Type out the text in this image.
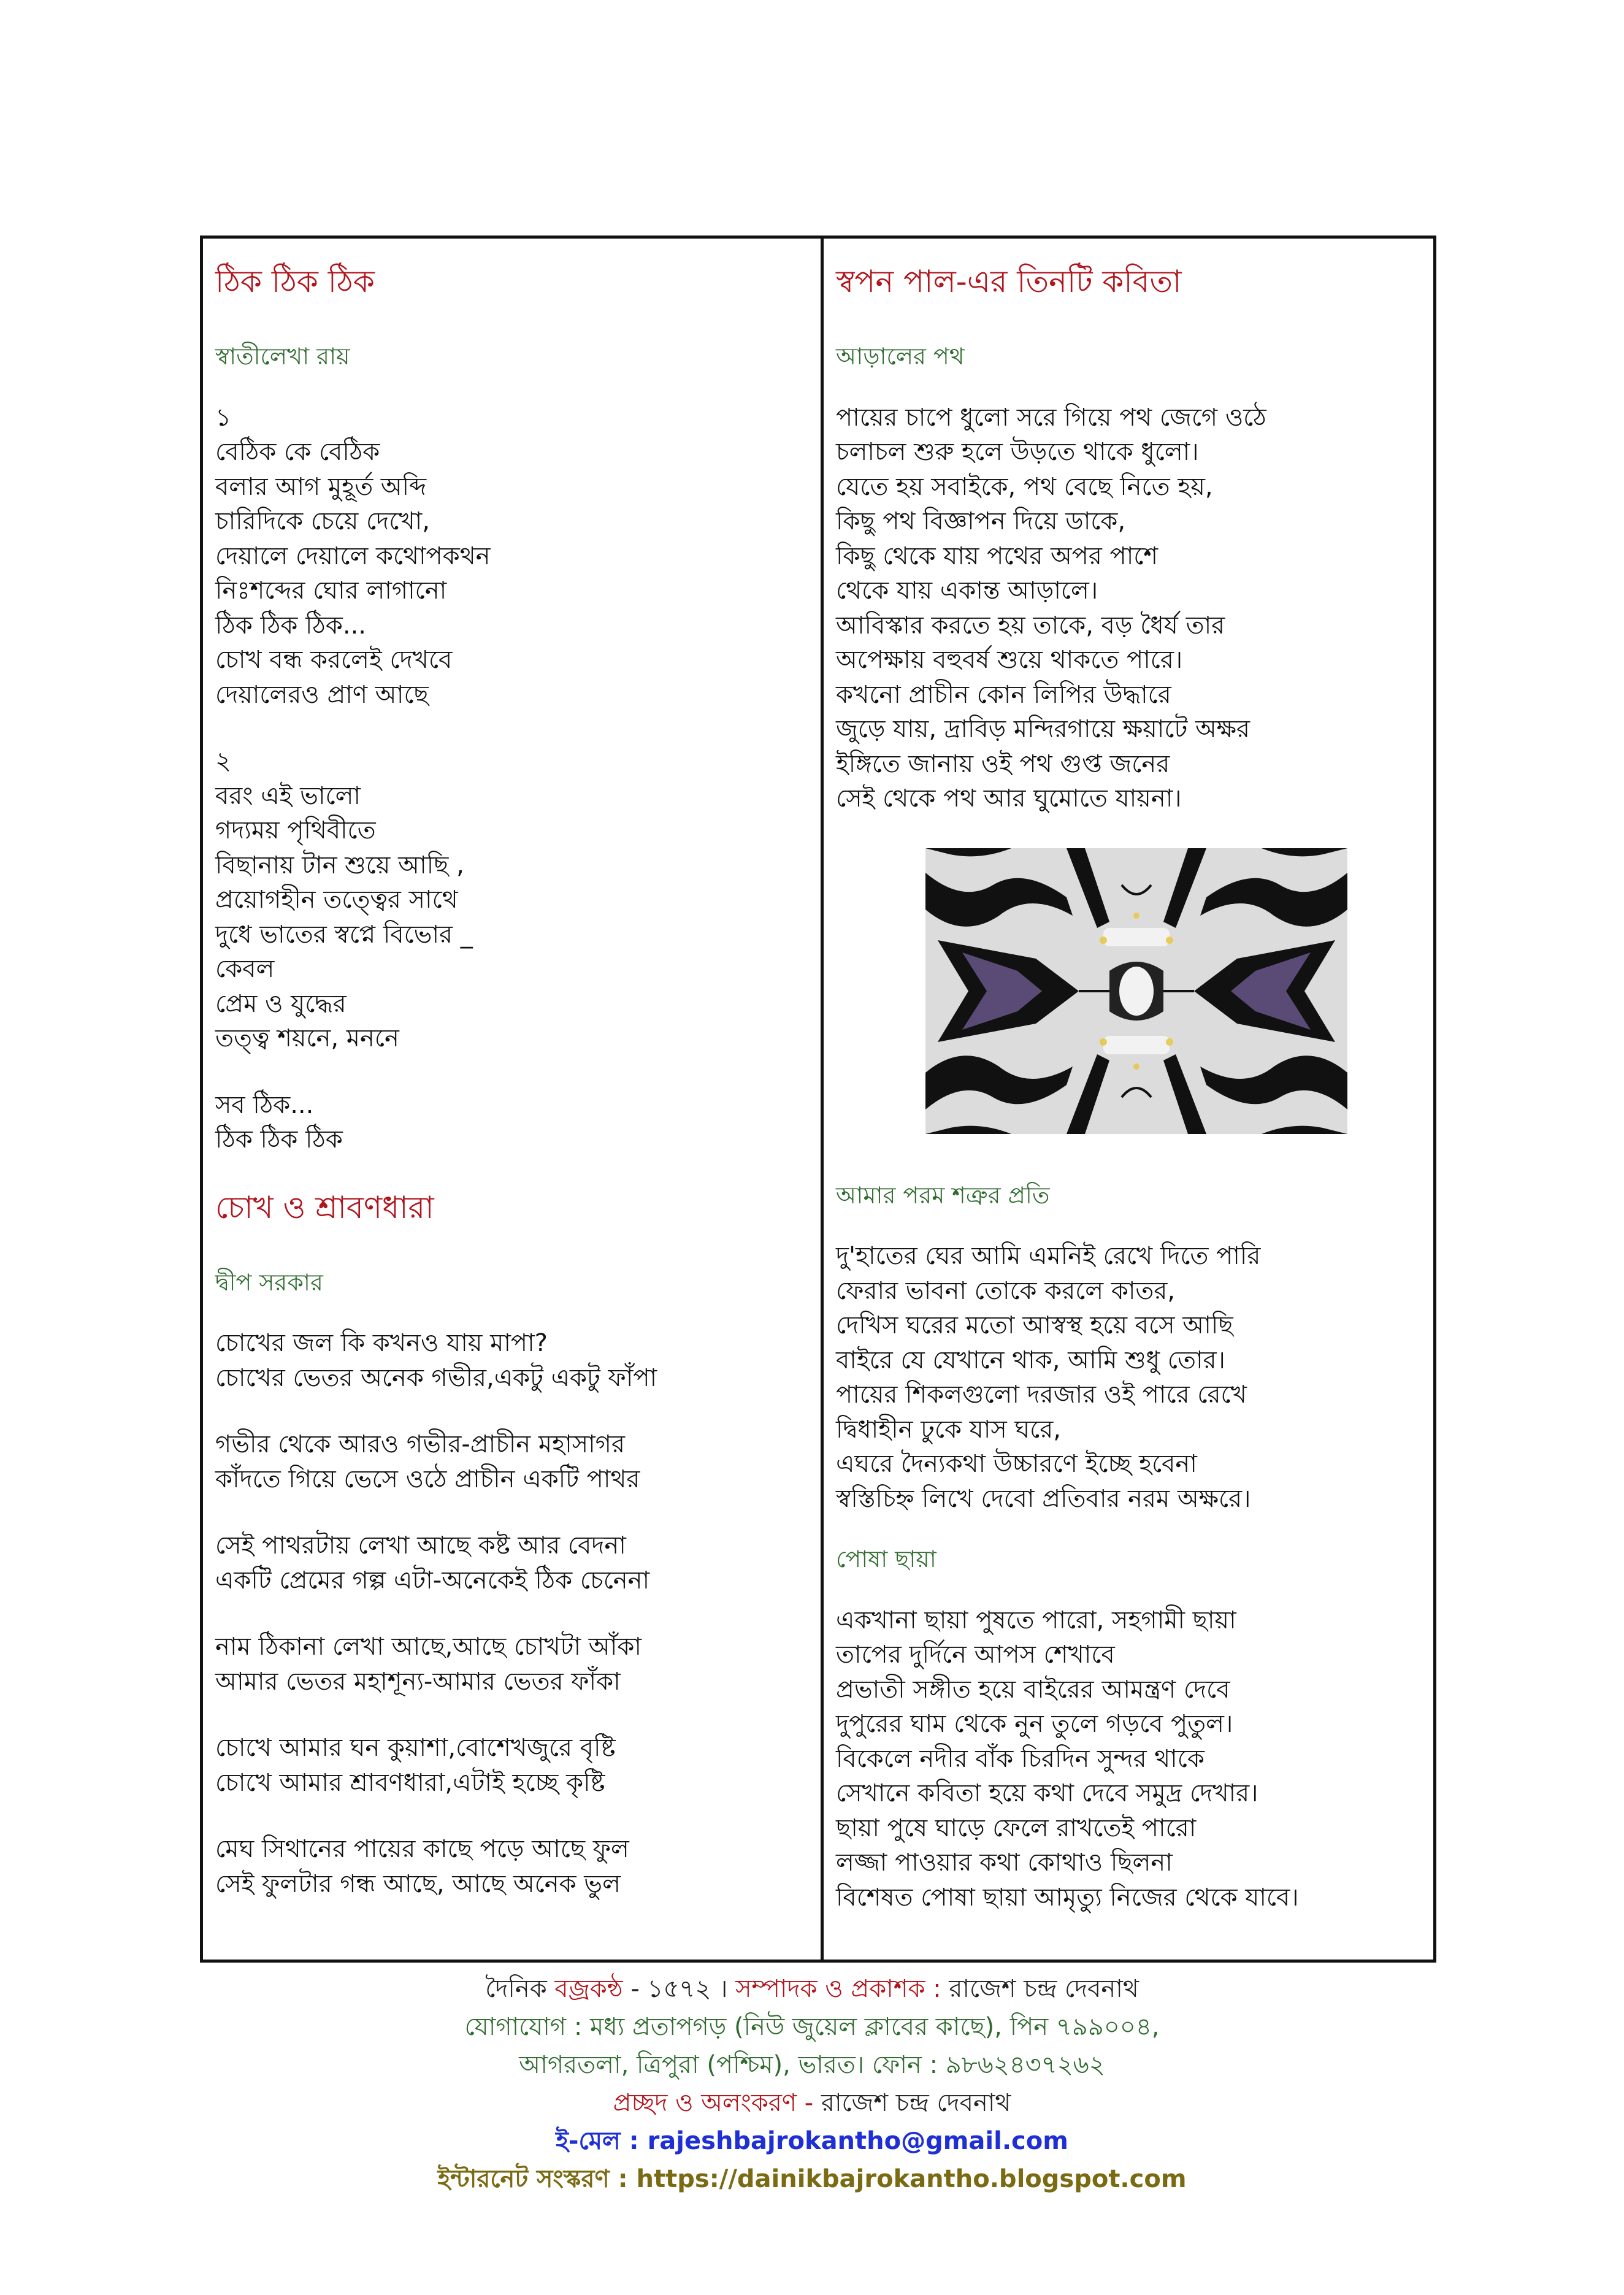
ঠিক ঠিক ঠিক
স্বাতীলেখা রায়
১
বেঠিক কে বেঠিক
বলার আগ মুহূর্ত অব্দি
চারিদিকে চেয়ে দেখো,
দেয়ালে দেয়ালে কথোপকথন
নিঃশব্দের ঘোর লাগানো
ঠিক ঠিক ঠিক...
চোখ বন্ধ করলেই দেখবে
দেয়ালেরও প্রাণ আছে
২
বরং এই ভালো
গদ্যময় পৃথিবীতে
বিছানায় টান শুয়ে আছি ,
প্রয়োগহীন তত্ত্বের সাথে
দুধে ভাতের স্বপ্নে বিভোর _
কেবল
প্রেম ও যুদ্ধের
তত্ত্ব শয়নে, মননে
সব ঠিক...
ঠিক ঠিক ঠিক
চোখ ও শ্রাবণধারা
দ্বীপ সরকার
চোখের জল কি কখনও যায় মাপা?
চোখের ভেতর অনেক গভীর,একটু একটু ফাঁপা
গভীর থেকে আরও গভীর-প্রাচীন মহাসাগর
কাঁদতে গিয়ে ভেসে ওঠে প্রাচীন একটি পাথর
সেই পাথরটায় লেখা আছে কষ্ট আর বেদনা
একটি প্রেমের গল্প এটা-অনেকেই ঠিক চেনেনা
নাম ঠিকানা লেখা আছে,আছে চোখটা আঁকা
আমার ভেতর মহাশূন্য-আমার ভেতর ফাঁকা
চোখে আমার ঘন কুয়াশা,বোশেখজুরে বৃষ্টি
চোখে আমার শ্রাবণধারা,এটাই হচ্ছে কৃষ্টি
মেঘ সিথানের পায়ের কাছে পড়ে আছে ফুল
সেই ফুলটার গন্ধ আছে, আছে অনেক ভুল
স্বপন পাল-এর তিনটি কবিতা
আড়ালের পথ
পায়ের চাপে ধুলো সরে গিয়ে পথ জেগে ওঠে
চলাচল শুরু হলে উড়তে থাকে ধুলো।
যেতে হয় সবাইকে, পথ বেছে নিতে হয়,
কিছু পথ বিজ্ঞাপন দিয়ে ডাকে,
কিছু থেকে যায় পথের অপর পাশে
থেকে যায় একান্ত আড়ালে।
আবিস্কার করতে হয় তাকে, বড় ধৈর্য তার
অপেক্ষায় বহুবর্ষ শুয়ে থাকতে পারে।
কখনো প্রাচীন কোন লিপির উদ্ধারে
জুড়ে যায়, দ্রাবিড় মন্দিরগায়ে ক্ষয়াটে অক্ষর
ইঙ্গিতে জানায় ওই পথ গুপ্ত জনের
সেই থেকে পথ আর ঘুমোতে যায়না।
আমার পরম শত্রুর প্রতি
দু'হাতের ঘের আমি এমনিই রেখে দিতে পারি
ফেরার ভাবনা তোকে করলে কাতর,
দেখিস ঘরের মতো আস্বস্থ হয়ে বসে আছি
বাইরে যে যেখানে থাক, আমি শুধু তোর।
পায়ের শিকলগুলো দরজার ওই পারে রেখে
দ্বিধাহীন ঢুকে যাস ঘরে,
এঘরে দৈন্যকথা উচ্চারণে ইচ্ছে হবেনা
স্বস্তিচিহ্ন লিখে দেবো প্রতিবার নরম অক্ষরে।
পোষা ছায়া
একখানা ছায়া পুষতে পারো, সহগামী ছায়া
তাপের দুর্দিনে আপস শেখাবে
প্রভাতী সঙ্গীত হয়ে বাইরের আমন্ত্রণ দেবে
দুপুরের ঘাম থেকে নুন তুলে গড়বে পুতুল।
বিকেলে নদীর বাঁক চিরদিন সুন্দর থাকে
সেখানে কবিতা হয়ে কথা দেবে সমুদ্র দেখার।
ছায়া পুষে ঘাড়ে ফেলে রাখতেই পারো
লজ্জা পাওয়ার কথা কোথাও ছিলনা
বিশেষত পোষা ছায়া আমৃত্যু নিজের থেকে যাবে।
দৈনিক বজ্রকন্ঠ - ১৫৭২ । সম্পাদক ও প্রকাশক : রাজেশ চন্দ্র দেবনাথ
যোগাযোগ : মধ্য প্রতাপগড় (নিউ জুয়েল ক্লাবের কাছে), পিন ৭৯৯০০৪,
আগরতলা, ত্রিপুরা (পশ্চিম), ভারত। ফোন : ৯৮৬২৪৩৭২৬২
প্রচ্ছদ ও অলংকরণ - রাজেশ চন্দ্র দেবনাথ
ই-মেল : rajeshbajrokantho@gmail.com
ইন্টারনেট সংস্করণ : https://dainikbajrokantho.blogspot.com
